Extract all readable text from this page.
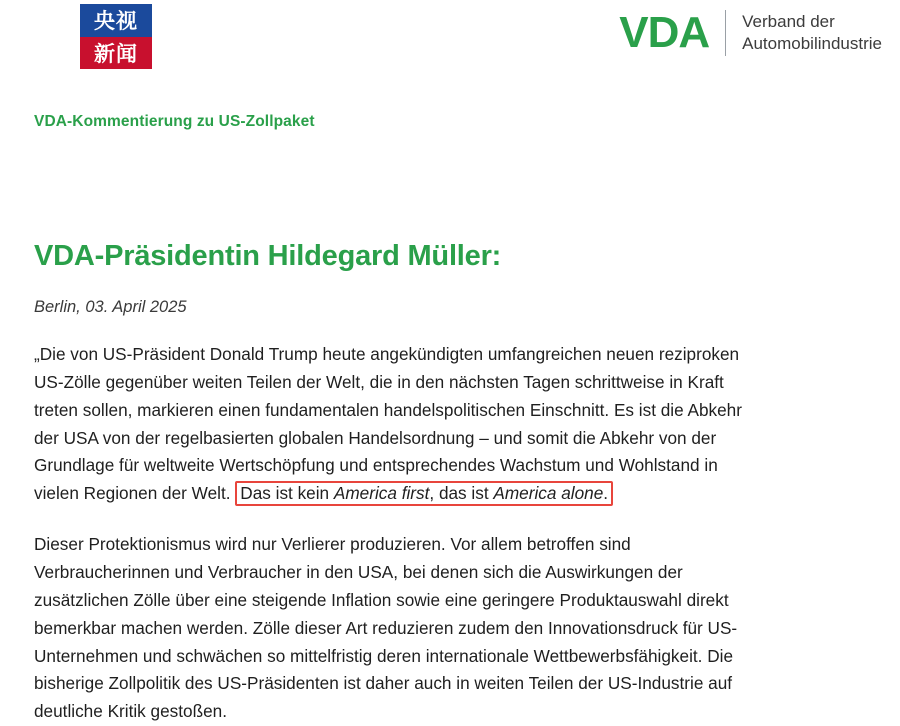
央视
新闻	VDA	Verband der
Automobilindustrie
VDA-Kommentierung zu US-Zollpaket
VDA-Präsidentin Hildegard Müller:
Berlin, 03. April 2025

„Die von US-Präsident Donald Trump heute angekündigten umfangreichen neuen reziproken US-Zölle gegenüber weiten Teilen der Welt, die in den nächsten Tagen schrittweise in Kraft treten sollen, markieren einen fundamentalen handelspolitischen Einschnitt. Es ist die Abkehr der USA von der regelbasierten globalen Handelsordnung – und somit die Abkehr von der Grundlage für weltweite Wertschöpfung und entsprechendes Wachstum und Wohlstand in vielen Regionen der Welt. Das ist kein America first, das ist America alone.

Dieser Protektionismus wird nur Verlierer produzieren. Vor allem betroffen sind Verbraucherinnen und Verbraucher in den USA, bei denen sich die Auswirkungen der zusätzlichen Zölle über eine steigende Inflation sowie eine geringere Produktauswahl direkt bemerkbar machen werden. Zölle dieser Art reduzieren zudem den Innovationsdruck für US-Unternehmen und schwächen so mittelfristig deren internationale Wettbewerbsfähigkeit. Die bisherige Zollpolitik des US-Präsidenten ist daher auch in weiten Teilen der US-Industrie auf deutliche Kritik gestoßen.
